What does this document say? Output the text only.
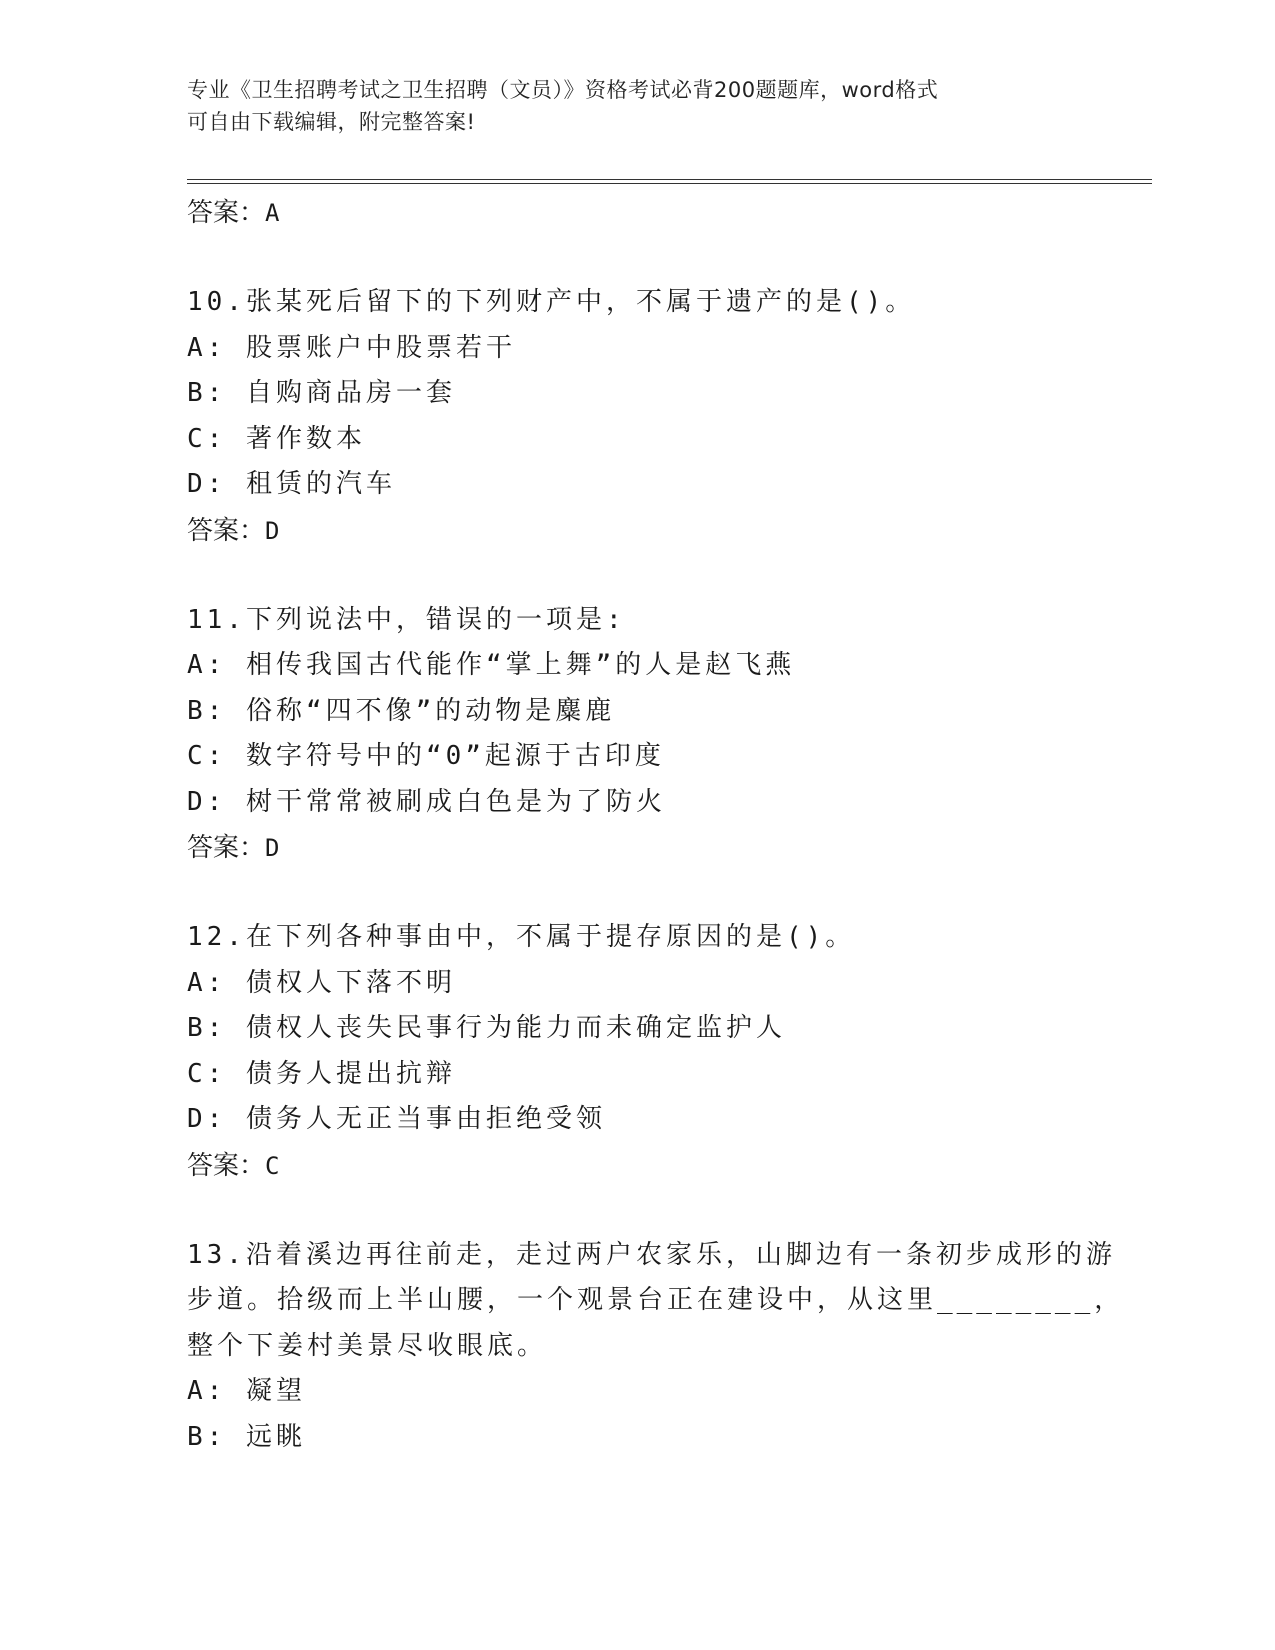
专业《卫生招聘考试之卫生招聘（文员）》资格考试必背200题题库，word格式
可自由下载编辑，附完整答案!
答案：A
10.张某死后留下的下列财产中，不属于遗产的是()。
A: 股票账户中股票若干
B: 自购商品房一套
C: 著作数本
D: 租赁的汽车
答案：D
11.下列说法中，错误的一项是:
A: 相传我国古代能作“掌上舞”的人是赵飞燕
B: 俗称“四不像”的动物是麋鹿
C: 数字符号中的“0”起源于古印度
D: 树干常常被刷成白色是为了防火
答案：D
12.在下列各种事由中，不属于提存原因的是()。
A: 债权人下落不明
B: 债权人丧失民事行为能力而未确定监护人
C: 债务人提出抗辩
D: 债务人无正当事由拒绝受领
答案：C
13.沿着溪边再往前走，走过两户农家乐，山脚边有一条初步成形的游
步道。拾级而上半山腰，一个观景台正在建设中，从这里________，
整个下姜村美景尽收眼底。
A: 凝望
B: 远眺
